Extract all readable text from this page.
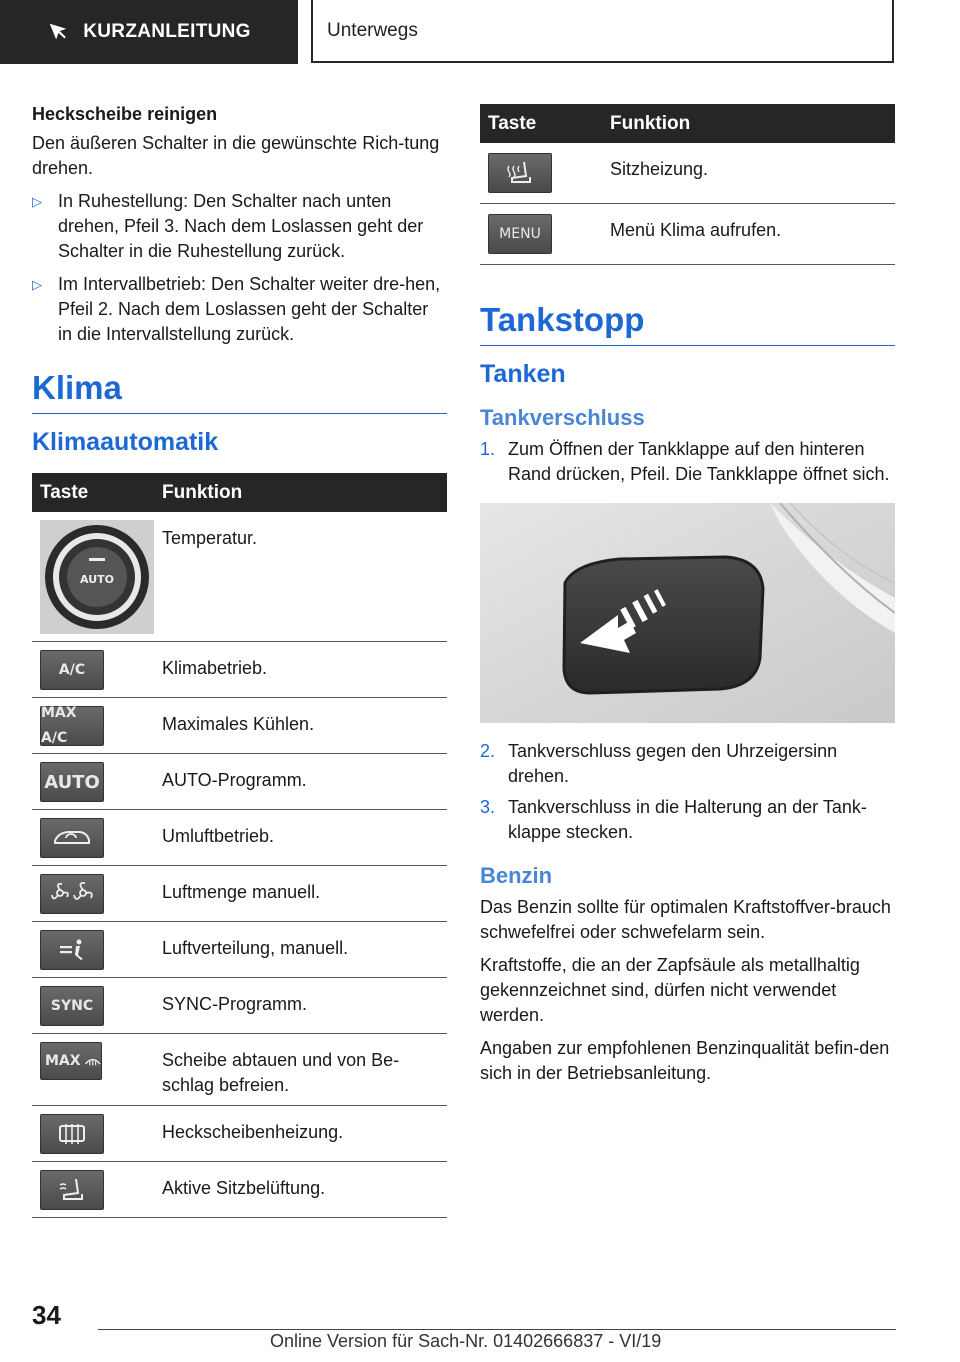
KURZANLEITUNG	Unterwegs
Heckscheibe reinigen

Den äußeren Schalter in die gewünschte Rich-tung drehen.

▷ In Ruhestellung: Den Schalter nach unten drehen, Pfeil 3. Nach dem Loslassen geht der Schalter in die Ruhestellung zurück.
▷ Im Intervallbetrieb: Den Schalter weiter dre-hen, Pfeil 2. Nach dem Loslassen geht der Schalter in die Intervallstellung zurück.
Klima
Klimaautomatik
Taste	Funktion

AUTO	Temperatur.

A/C	Klimabetrieb.

MAX A/C	Maximales Kühlen.

AUTO	AUTO-Programm.

	Umluftbetrieb.

	Luftmenge manuell.

	Luftverteilung, manuell.

SYNC	SYNC-Programm.

MAX	Scheibe abtauen und von Be-schlag befreien.

	Heckscheibenheizung.

	Aktive Sitzbelüftung.
Taste	Funktion

	Sitzheizung.

MENU	Menü Klima aufrufen.
Tankstopp
Tanken
Tankverschluss
1. Zum Öffnen der Tankklappe auf den hinteren Rand drücken, Pfeil. Die Tankklappe öffnet sich.
2. Tankverschluss gegen den Uhrzeigersinn drehen.
3. Tankverschluss in die Halterung an der Tank-klappe stecken.
Benzin

Das Benzin sollte für optimalen Kraftstoffver-brauch schwefelfrei oder schwefelarm sein.

Kraftstoffe, die an der Zapfsäule als metallhaltig gekennzeichnet sind, dürfen nicht verwendet werden.

Angaben zur empfohlenen Benzinqualität befin-den sich in der Betriebsanleitung.

34
Online Version für Sach-Nr. 01402666837 - VI/19
